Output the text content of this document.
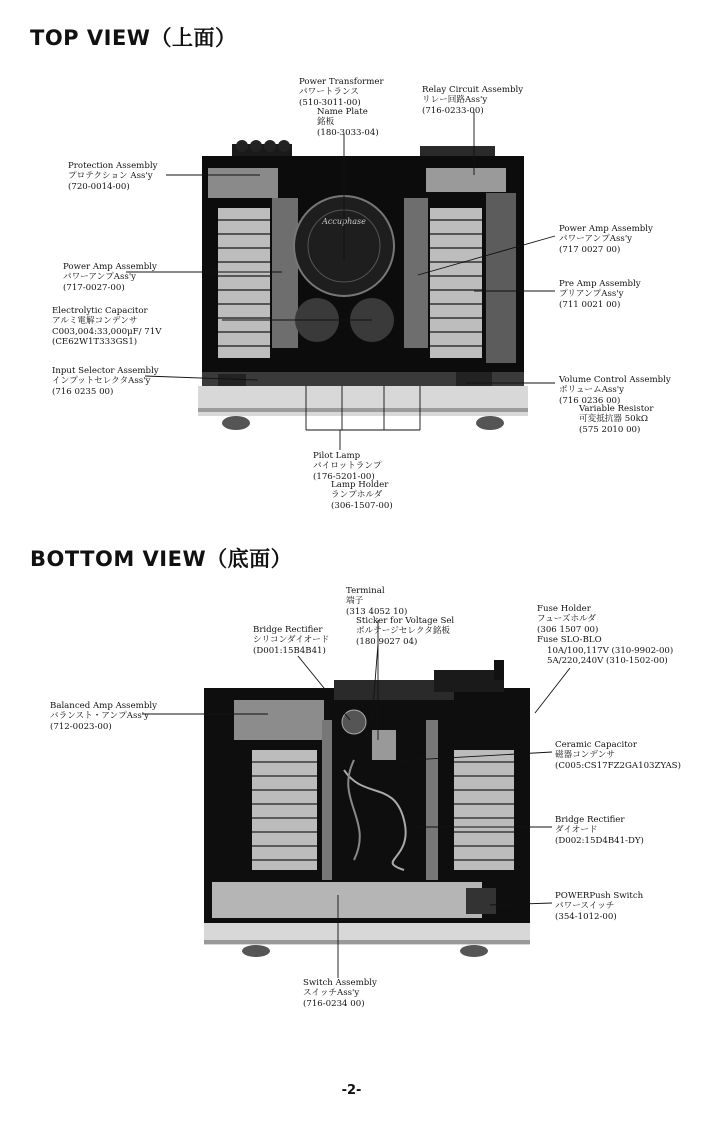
TOP VIEW（上面）
Accuphase
Power Transformer
パワートランス
(510-3011-00)
Name Plate
銘板
(180-3033-04)
Relay Circuit Assembly
リレー回路Ass'y
(716-0233-00)
Protection Assembly
プロテクション Ass'y
(720-0014-00)
Power Amp Assembly
パワーアンプAss'y
(717 0027 00)
Power Amp Assembly
パワーアンプAss'y
(717-0027-00)	Pre Amp Assembly
プリアンプAss'y
(711 0021 00)
Electrolytic Capacitor
アルミ電解コンデンサ
C003,004:33,000μF/ 71V
(CE62W1T333GS1)
Input Selector Assembly
インプットセレクタAss'y
(716 0235 00)
Volume Control Assembly
ボリュームAss'y
(716 0236 00)
Variable Resistor
可変抵抗器 50kΩ
(575 2010 00)
Pilot Lamp
パイロットランプ
(176-5201-00)
Lamp Holder
ランプホルダ
(306-1507-00)
BOTTOM VIEW（底面）
Terminal
端子
(313 4052 10)
Sticker for Voltage Sel
ボルテージセレクタ銘板
(180 9027 04)
Bridge Rectifier
シリコンダイオード
(D001:15B4B41)
Fuse Holder
フューズホルダ
(306 1507 00)
Fuse SLO-BLO
10A/100,117V (310-9902-00)
5A/220,240V (310-1502-00)
Balanced Amp Assembly
バランスト・アンプAss'y
(712-0023-00)
Ceramic Capacitor
磁器コンデンサ
(C005:CS17FZ2GA103ZYAS)
Bridge Rectifier
ダイオード
(D002:15D4B41-DY)
POWERPush Switch
パワースイッチ
(354-1012-00)
Switch Assembly
スイッチAss'y
(716-0234 00)
-2-
